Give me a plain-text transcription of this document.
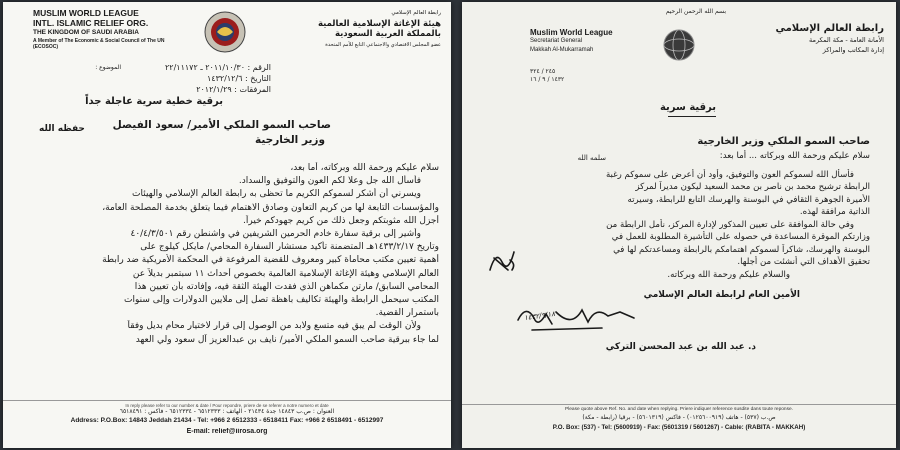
MUSLIM WORLD LEAGUE
INTL. ISLAMIC RELIEF ORG.
THE KINGDOM OF SAUDI ARABIA
A Member of The Economic & Social Council of The UN
(ECOSOC)
رابطة العالم الإسلامي
هيئة الإغاثة الإسلامية العالمية
بالمملكة العربية السعودية
عضو المجلس الاقتصادي والاجتماعي التابع للأمم المتحدة
الرقم : ٢٠١١/١٠/٣٠ ـ ٢٢/١١١٧٢
التاريخ : ١٤٣٢/١٢/٦
المرفقات : ٢٠١٢/١/٢٩
الموضوع :
برقية خطية سرية عاجلة جداً
صاحب السمو الملكي الأمير/ سعود الفيصل
وزير الخارجية
حفظه الله
سلام عليكم ورحمة الله وبركاته، أما بعد،
فأسأل الله جل وعلا لكم العون والتوفيق والسداد.
ويسرني أن أشكر لسموكم الكريم ما تحظى به رابطة العالم الإسلامي والهيئات
والمؤسسات التابعة لها من كريم التعاون وصادق الاهتمام فيما يتعلق بخدمة المصلحة العامة،
أجزل الله مثوبتكم وجعل ذلك من كريم جهودكم خيراً.
وأشير إلى برقية سفارة خادم الحرمين الشريفين في واشنطن رقم ٤٠/٤/٣/٥٠١
وتاريخ ١٤٣٣/٢/١٧هـ المتضمنة تأكيد مستشار السفارة المحامي/ مايكل كيلوج على
أهمية تعيين مكتب محاماة كبير ومعروف للقضية المرفوعة في المحكمة الأمريكية ضد رابطة
العالم الإسلامي وهيئة الإغاثة الإسلامية العالمية بخصوص أحداث ١١ سبتمبر بديلاً عن
المحامي السابق/ مارتن مكماهن الذي فقدت الهيئة الثقة فيه، وإفادته بأن تعيين هذا
المكتب سيحمل الرابطة والهيئة تكاليف باهظة تصل إلى ملايين الدولارات وإلى سنوات
باستمرار القضية.
ولأن الوقت لم يبق فيه متسع ولابد من الوصول إلى قرار لاختيار محام بديل وفقاً
لما جاء ببرقية صاحب السمو الملكي الأمير/ نايف بن عبدالعزيز آل سعود ولي العهد
In reply please refer to our number & date / Pour repondre, priere de se referer a notre numero et date
العنوان : ص.ب ١٤٨٤٣ جدة ٢١٤٣٤ - الهاتف : ٦٥١٢٣٣٣ - ٦٥١٢٣٣٤ - فاكس : ٦٥١٨٤٩١
Address: P.O.Box: 14843 Jeddah 21434 - Tel: +966 2 6512333 - 6518411 Fax: +966 2 6518491 - 6512997
E-mail: relief@iirosa.org
بسم الله الرحمن الرحيم
Muslim World League
Secretariat General
Makkah Al-Mukarramah
رابطة العالم الإسلامي
الأمانة العامة - مكة المكرمة
إدارة المكاتب والمراكز
٢٤٥ / ٣٢٤
١٤٣٢ / ٩ / ١٦
برقية سرية
صاحب السمو الملكي وزير الخارجية
سلمه الله	سلام عليكم ورحمة الله وبركاته ... أما بعد:
فأسأل الله لسموكم العون والتوفيق، وأود أن أعرض على سموكم رغبة
الرابطة ترشيح محمد بن ناصر بن محمد السعيد ليكون مديراً لمركز
الأميرة الجوهرة الثقافي في البوسنة والهرسك التابع للرابطة، وسيرته
الذاتية مرافقة لهذه.
وفي حالة الموافقة على تعيين المذكور لإدارة المركز، نأمل الرابطة من
وزارتكم الموقرة المساعدة في حصوله على التأشيرة المطلوبة للعمل في
البوسنة والهرسك، شاكراً لسموكم اهتمامكم بالرابطة ومساعدتكم لها في
تحقيق الأهداف التي أنشئت من أجلها.
والسلام عليكم ورحمة الله وبركاته.
الأمين العام لرابطة العالم الإسلامي
١٤٣٢/٩/١٨
د. عبد الله بن عبد المحسن التركي
Please quote above Ref. No. and date when replying. Priere indiquer reference susdite dans toute reponse.
ص.ب (٥٣٧) - هاتف (٠١٢٥٦٠٠٩١٩) - فاكس (٥٦٠١٣١٩) - برقياً (رابطة - مكة)
P.O. Box: (537) - Tel: (5600919) - Fax: (5601319 / 5601267) - Cable: (RABITA - MAKKAH)
